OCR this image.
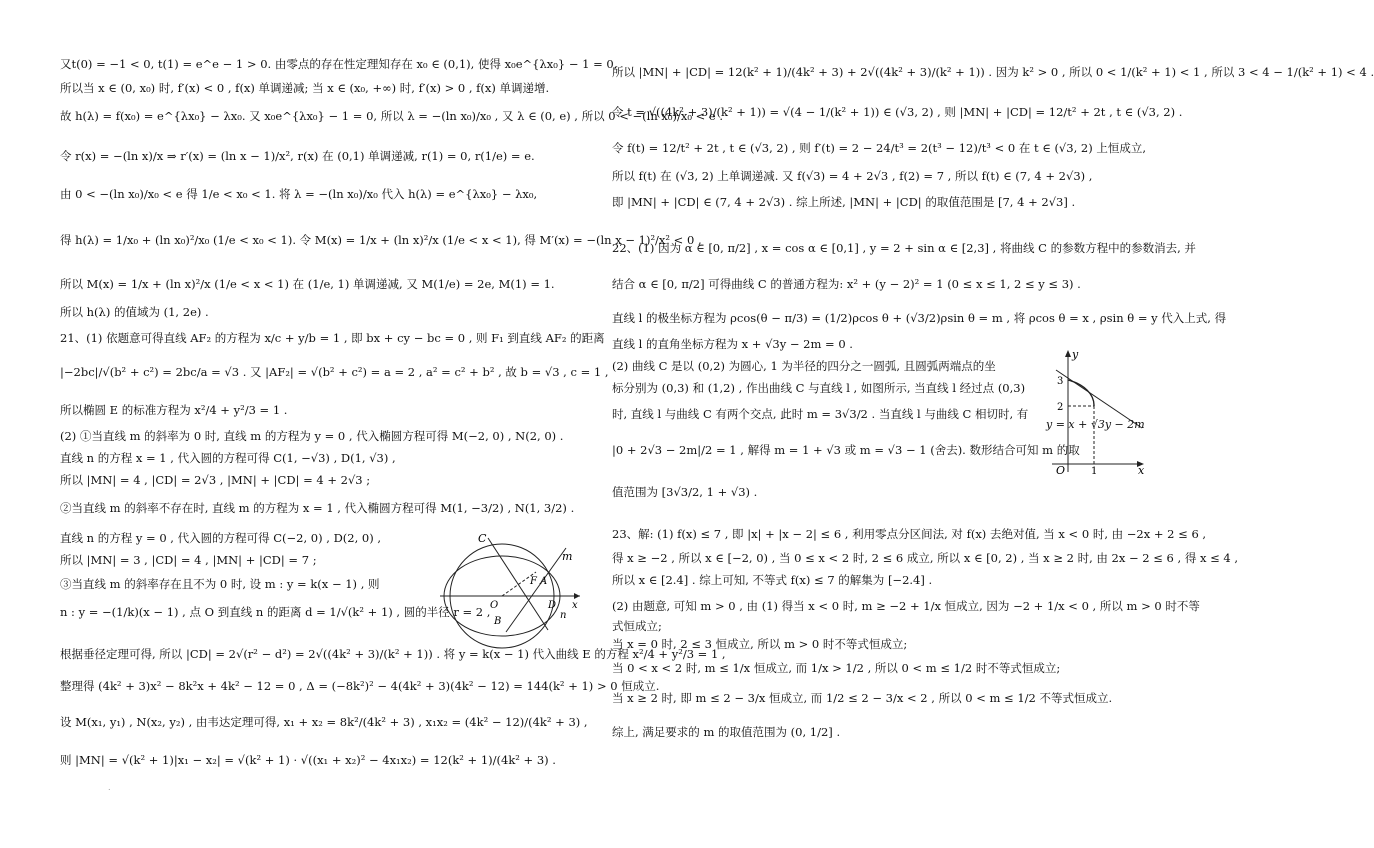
又t(0) = −1 < 0, t(1) = e^e − 1 > 0. 由零点的存在性定理知存在 x₀ ∈ (0,1), 使得 x₀e^{λx₀} − 1 = 0,
所以当 x ∈ (0, x₀) 时, f′(x) < 0 , f(x) 单调递减; 当 x ∈ (x₀, +∞) 时, f′(x) > 0 , f(x) 单调递增.
故 h(λ) = f(x₀) = e^{λx₀} − λx₀. 又 x₀e^{λx₀} − 1 = 0, 所以 λ = −(ln x₀)/x₀ , 又 λ ∈ (0, e) , 所以 0 < −(ln x₀)/x₀ < e .
令 r(x) = −(ln x)/x ⇒ r′(x) = (ln x − 1)/x², r(x) 在 (0,1) 单调递减, r(1) = 0, r(1/e) = e.
由 0 < −(ln x₀)/x₀ < e 得 1/e < x₀ < 1. 将 λ = −(ln x₀)/x₀ 代入 h(λ) = e^{λx₀} − λx₀,
得 h(λ) = 1/x₀ + (ln x₀)²/x₀ (1/e < x₀ < 1). 令 M(x) = 1/x + (ln x)²/x (1/e < x < 1), 得 M′(x) = −(ln x − 1)²/x² < 0 ,
所以 M(x) = 1/x + (ln x)²/x (1/e < x < 1) 在 (1/e, 1) 单调递减, 又 M(1/e) = 2e, M(1) = 1.
所以 h(λ) 的值域为 (1, 2e) .
21、(1) 依题意可得直线 AF₂ 的方程为 x/c + y/b = 1 , 即 bx + cy − bc = 0 , 则 F₁ 到直线 AF₂ 的距离
|−2bc|/√(b² + c²) = 2bc/a = √3 . 又 |AF₂| = √(b² + c²) = a = 2 , a² = c² + b² , 故 b = √3 , c = 1 ,
所以椭圆 E 的标准方程为 x²/4 + y²/3 = 1 .
(2) ①当直线 m 的斜率为 0 时, 直线 m 的方程为 y = 0 , 代入椭圆方程可得 M(−2, 0) , N(2, 0) .
直线 n 的方程 x = 1 , 代入圆的方程可得 C(1, −√3) , D(1, √3) ,
所以 |MN| = 4 , |CD| = 2√3 , |MN| + |CD| = 4 + 2√3 ;
②当直线 m 的斜率不存在时, 直线 m 的方程为 x = 1 , 代入椭圆方程可得 M(1, −3/2) , N(1, 3/2) .
直线 n 的方程 y = 0 , 代入圆的方程可得 C(−2, 0) , D(2, 0) ,
所以 |MN| = 3 , |CD| = 4 , |MN| + |CD| = 7 ;
③当直线 m 的斜率存在且不为 0 时, 设 m : y = k(x − 1) , 则
n : y = −(1/k)(x − 1) , 点 O 到直线 n 的距离 d = 1/√(k² + 1) , 圆的半径 r = 2 ,
根据垂径定理可得, 所以 |CD| = 2√(r² − d²) = 2√((4k² + 3)/(k² + 1)) . 将 y = k(x − 1) 代入曲线 E 的方程 x²/4 + y²/3 = 1 ,
整理得 (4k² + 3)x² − 8k²x + 4k² − 12 = 0 , Δ = (−8k²)² − 4(4k² + 3)(4k² − 12) = 144(k² + 1) > 0 恒成立.
设 M(x₁, y₁) , N(x₂, y₂) , 由韦达定理可得, x₁ + x₂ = 8k²/(4k² + 3) , x₁x₂ = (4k² − 12)/(4k² + 3) ,
则 |MN| = √(k² + 1)|x₁ − x₂| = √(k² + 1) · √((x₁ + x₂)² − 4x₁x₂) = 12(k² + 1)/(4k² + 3) .
C
m
F A
O	D
B
n
x
所以 |MN| + |CD| = 12(k² + 1)/(4k² + 3) + 2√((4k² + 3)/(k² + 1)) . 因为 k² > 0 , 所以 0 < 1/(k² + 1) < 1 , 所以 3 < 4 − 1/(k² + 1) < 4 .
令 t = √((4k² + 3)/(k² + 1)) = √(4 − 1/(k² + 1)) ∈ (√3, 2) , 则 |MN| + |CD| = 12/t² + 2t , t ∈ (√3, 2) .
令 f(t) = 12/t² + 2t , t ∈ (√3, 2) , 则 f′(t) = 2 − 24/t³ = 2(t³ − 12)/t³ < 0 在 t ∈ (√3, 2) 上恒成立,
所以 f(t) 在 (√3, 2) 上单调递减. 又 f(√3) = 4 + 2√3 , f(2) = 7 , 所以 f(t) ∈ (7, 4 + 2√3) ,
即 |MN| + |CD| ∈ (7, 4 + 2√3) . 综上所述, |MN| + |CD| 的取值范围是 [7, 4 + 2√3] .
22、(1) 因为 α ∈ [0, π/2] , x = cos α ∈ [0,1] , y = 2 + sin α ∈ [2,3] , 将曲线 C 的参数方程中的参数消去, 并
结合 α ∈ [0, π/2] 可得曲线 C 的普通方程为: x² + (y − 2)² = 1 (0 ≤ x ≤ 1, 2 ≤ y ≤ 3) .
直线 l 的极坐标方程为 ρcos(θ − π/3) = (1/2)ρcos θ + (√3/2)ρsin θ = m , 将 ρcos θ = x , ρsin θ = y 代入上式, 得
直线 l 的直角坐标方程为 x + √3y − 2m = 0 .
(2) 曲线 C 是以 (0,2) 为圆心, 1 为半径的四分之一圆弧, 且圆弧两端点的坐
标分别为 (0,3) 和 (1,2) , 作出曲线 C 与直线 l , 如图所示, 当直线 l 经过点 (0,3)
时, 直线 l 与曲线 C 有两个交点, 此时 m = 3√3/2 . 当直线 l 与曲线 C 相切时, 有
|0 + 2√3 − 2m|/2 = 1 , 解得 m = 1 + √3 或 m = √3 − 1 (舍去). 数形结合可知 m 的取
值范围为 [3√3/2, 1 + √3) .
23、解: (1) f(x) ≤ 7 , 即 |x| + |x − 2| ≤ 6 , 利用零点分区间法, 对 f(x) 去绝对值, 当 x < 0 时, 由 −2x + 2 ≤ 6 ,
得 x ≥ −2 , 所以 x ∈ [−2, 0) , 当 0 ≤ x < 2 时, 2 ≤ 6 成立, 所以 x ∈ [0, 2) , 当 x ≥ 2 时, 由 2x − 2 ≤ 6 , 得 x ≤ 4 ,
所以 x ∈ [2.4] . 综上可知, 不等式 f(x) ≤ 7 的解集为 [−2.4] .
(2) 由题意, 可知 m > 0 , 由 (1) 得当 x < 0 时, m ≥ −2 + 1/x 恒成立, 因为 −2 + 1/x < 0 , 所以 m > 0 时不等
式恒成立;
当 x = 0 时, 2 ≤ 3 恒成立, 所以 m > 0 时不等式恒成立;
当 0 < x < 2 时, m ≤ 1/x 恒成立, 而 1/x > 1/2 , 所以 0 < m ≤ 1/2 时不等式恒成立;
当 x ≥ 2 时, 即 m ≤ 2 − 3/x 恒成立, 而 1/2 ≤ 2 − 3/x < 2 , 所以 0 < m ≤ 1/2 不等式恒成立.
综上, 满足要求的 m 的取值范围为 (0, 1/2] .
y
x
O	1
3
2
y = x + √3y − 2m
.
